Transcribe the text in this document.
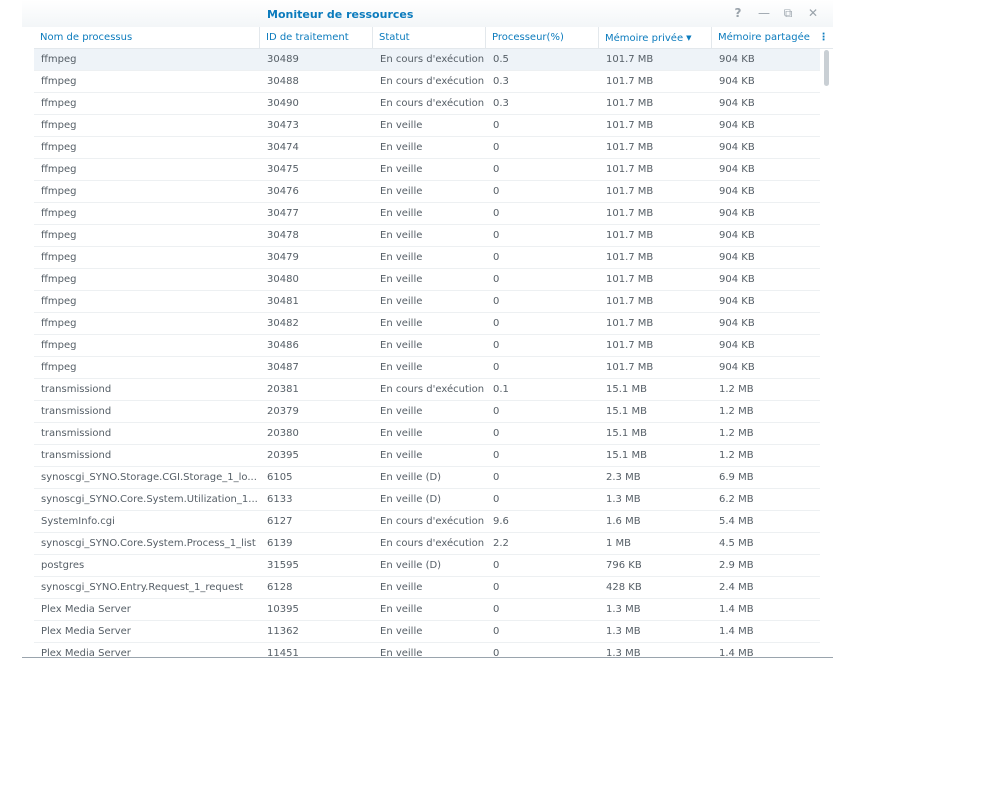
Moniteur de ressources	?	—	⧉	✕
Nom de processus	ID de traitement	Statut	Processeur(%)	Mémoire privée ▼	Mémoire partagée ⋮
ffmpeg	30489	En cours d'exécution 0.5	101.7 MB	904 KB
ffmpeg	30488	En cours d'exécution 0.3	101.7 MB	904 KB
ffmpeg	30490	En cours d'exécution 0.3	101.7 MB	904 KB
ffmpeg	30473	En veille	0	101.7 MB	904 KB
ffmpeg	30474	En veille	0	101.7 MB	904 KB
ffmpeg	30475	En veille	0	101.7 MB	904 KB
ffmpeg	30476	En veille	0	101.7 MB	904 KB
ffmpeg	30477	En veille	0	101.7 MB	904 KB
ffmpeg	30478	En veille	0	101.7 MB	904 KB
ffmpeg	30479	En veille	0	101.7 MB	904 KB
ffmpeg	30480	En veille	0	101.7 MB	904 KB
ffmpeg	30481	En veille	0	101.7 MB	904 KB
ffmpeg	30482	En veille	0	101.7 MB	904 KB
ffmpeg	30486	En veille	0	101.7 MB	904 KB
ffmpeg	30487	En veille	0	101.7 MB	904 KB
transmissiond	20381	En cours d'exécution 0.1	15.1 MB	1.2 MB
transmissiond	20379	En veille	0	15.1 MB	1.2 MB
transmissiond	20380	En veille	0	15.1 MB	1.2 MB
transmissiond	20395	En veille	0	15.1 MB	1.2 MB
synoscgi_SYNO.Storage.CGI.Storage_1_lo...	6105	En veille (D)	0	2.3 MB	6.9 MB
synoscgi_SYNO.Core.System.Utilization_1... 6133	En veille (D)	0	1.3 MB	6.2 MB
SystemInfo.cgi	6127	En cours d'exécution 9.6	1.6 MB	5.4 MB
synoscgi_SYNO.Core.System.Process_1_list	6139	En cours d'exécution 2.2	1 MB	4.5 MB
postgres	31595	En veille (D)	0	796 KB	2.9 MB
synoscgi_SYNO.Entry.Request_1_request	6128	En veille	0	428 KB	2.4 MB
Plex Media Server	10395	En veille	0	1.3 MB	1.4 MB
Plex Media Server	11362	En veille	0	1.3 MB	1.4 MB
Plex Media Server	11451	En veille	0	1.3 MB	1.4 MB
